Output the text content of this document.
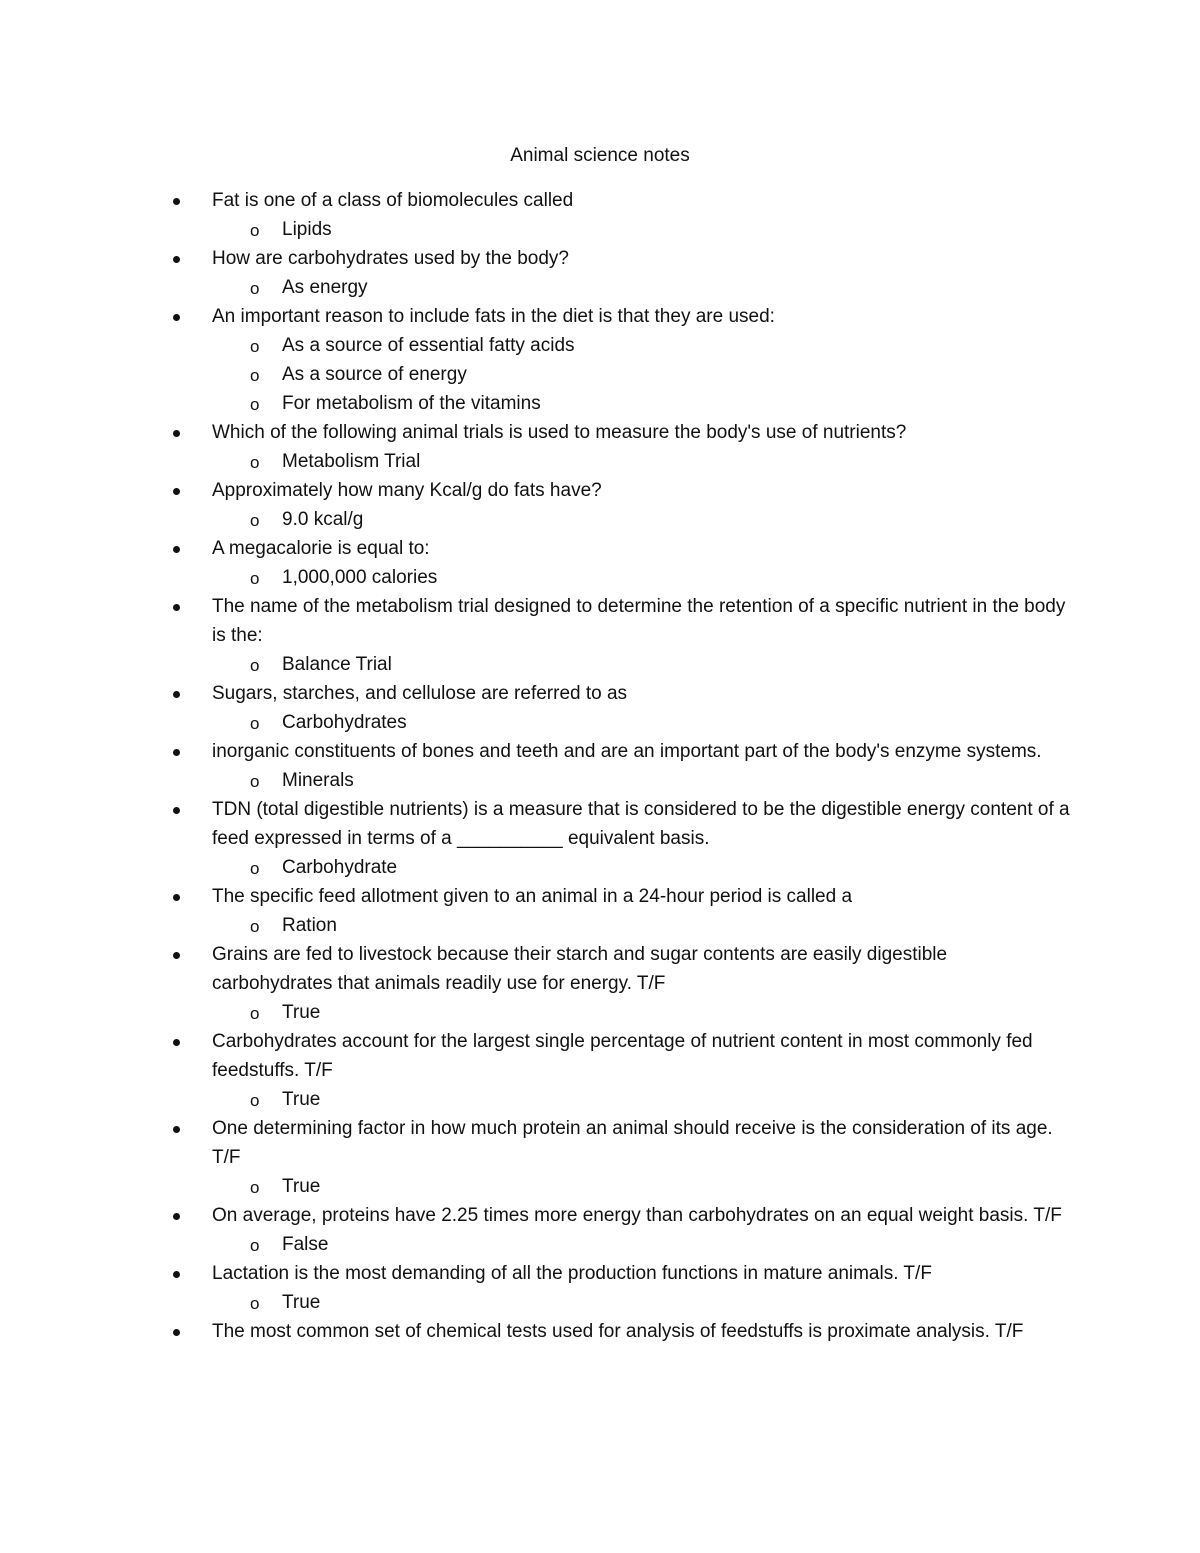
Animal science notes
Fat is one of a class of biomolecules called
o Lipids
How are carbohydrates used by the body?
o As energy
An important reason to include fats in the diet is that they are used:
o As a source of essential fatty acids
o As a source of energy
o For metabolism of the vitamins
Which of the following animal trials is used to measure the body's use of nutrients?
o Metabolism Trial
Approximately how many Kcal/g do fats have?
o 9.0 kcal/g
A megacalorie is equal to:
o 1,000,000 calories
The name of the metabolism trial designed to determine the retention of a specific nutrient in the body is the:
o Balance Trial
Sugars, starches, and cellulose are referred to as
o Carbohydrates
inorganic constituents of bones and teeth and are an important part of the body's enzyme systems.
o Minerals
TDN (total digestible nutrients) is a measure that is considered to be the digestible energy content of a feed expressed in terms of a __________ equivalent basis.
o Carbohydrate
The specific feed allotment given to an animal in a 24-hour period is called a
o Ration
Grains are fed to livestock because their starch and sugar contents are easily digestible carbohydrates that animals readily use for energy. T/F
o True
Carbohydrates account for the largest single percentage of nutrient content in most commonly fed feedstuffs. T/F
o True
One determining factor in how much protein an animal should receive is the consideration of its age. T/F
o True
On average, proteins have 2.25 times more energy than carbohydrates on an equal weight basis. T/F
o False
Lactation is the most demanding of all the production functions in mature animals. T/F
o True
The most common set of chemical tests used for analysis of feedstuffs is proximate analysis. T/F
